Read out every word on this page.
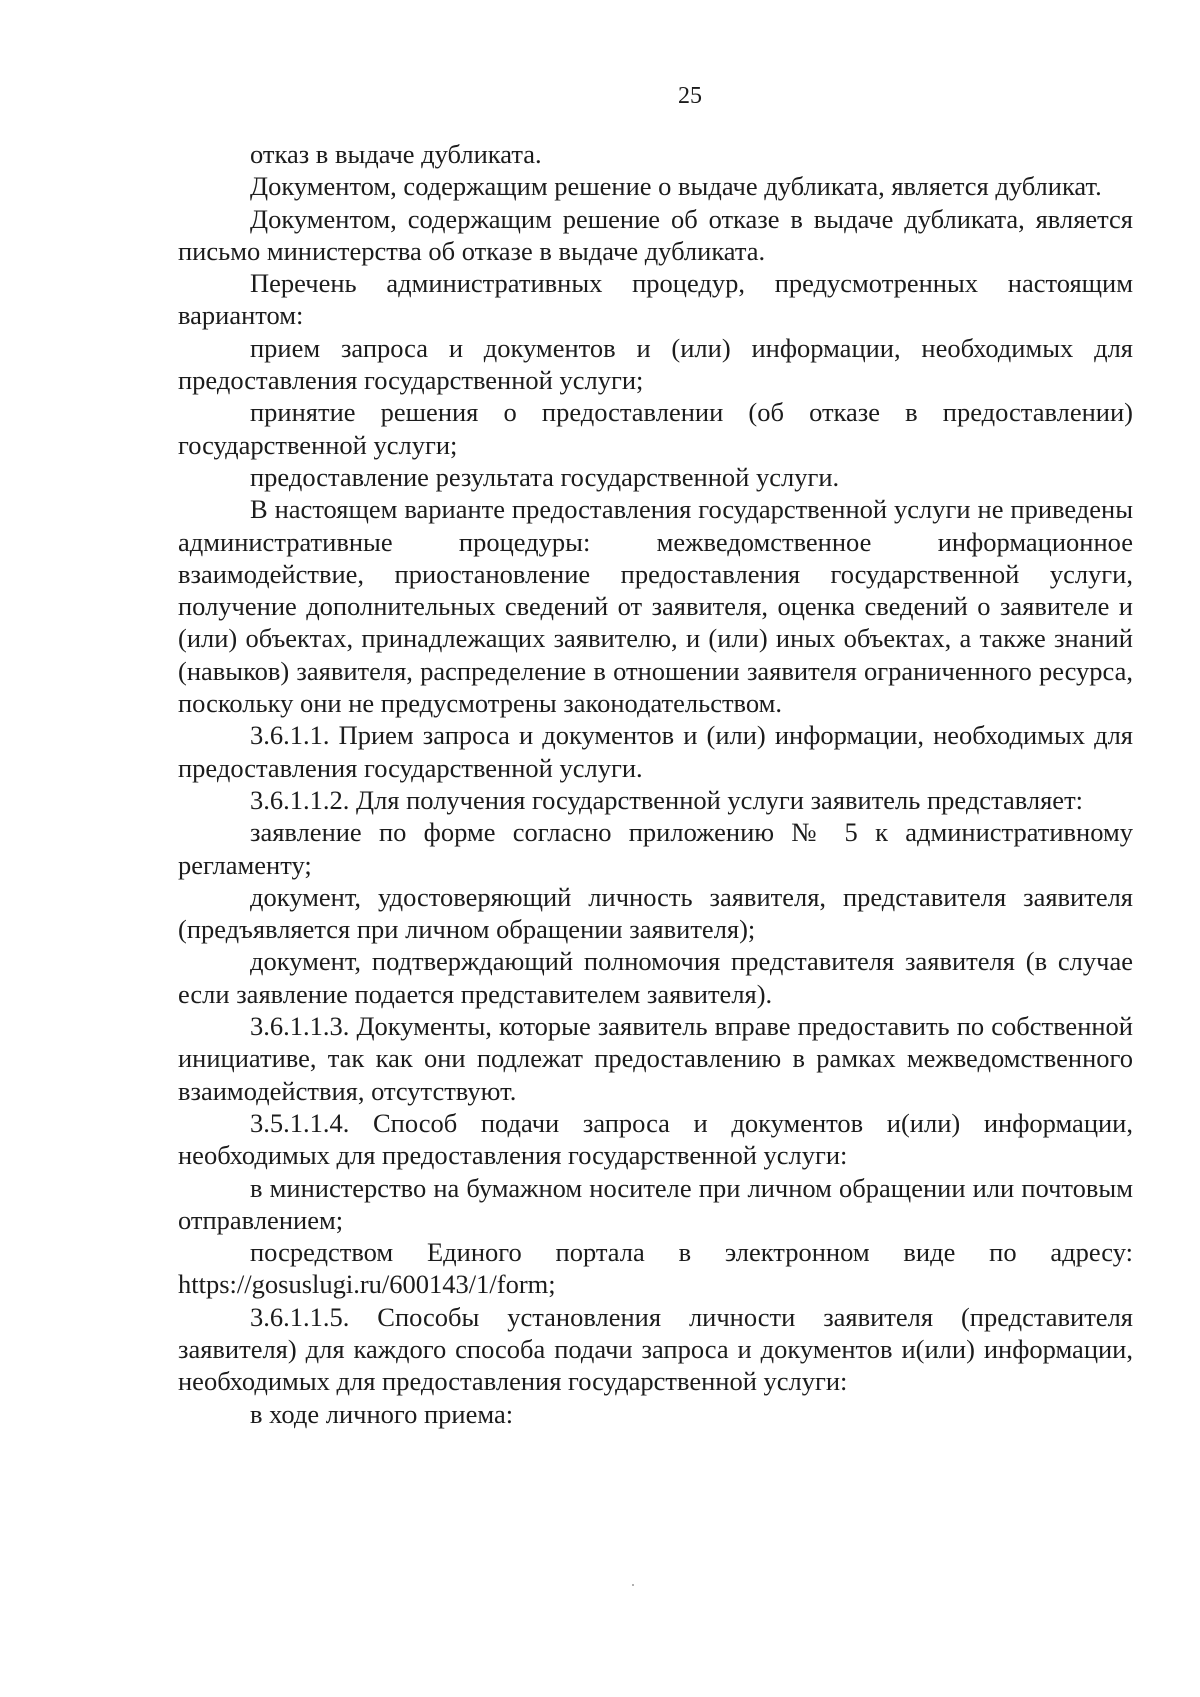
25

отказ в выдаче дубликата.

Документом, содержащим решение о выдаче дубликата, является дубликат.

Документом, содержащим решение об отказе в выдаче дубликата, является письмо министерства об отказе в выдаче дубликата.

Перечень административных процедур, предусмотренных настоящим вариантом:

прием запроса и документов и (или) информации, необходимых для предоставления государственной услуги;

принятие решения о предоставлении (об отказе в предоставлении) государственной услуги;

предоставление результата государственной услуги.

В настоящем варианте предоставления государственной услуги не приведены административные процедуры: межведомственное информационное взаимодействие, приостановление предоставления государственной услуги, получение дополнительных сведений от заявителя, оценка сведений о заявителе и (или) объектах, принадлежащих заявителю, и (или) иных объектах, а также знаний (навыков) заявителя, распределение в отношении заявителя ограниченного ресурса, поскольку они не предусмотрены законодательством.

3.6.1.1. Прием запроса и документов и (или) информации, необходимых для предоставления государственной услуги.

3.6.1.1.2. Для получения государственной услуги заявитель представляет:

заявление по форме согласно приложению № 5 к административному регламенту;

документ, удостоверяющий личность заявителя, представителя заявителя (предъявляется при личном обращении заявителя);

документ, подтверждающий полномочия представителя заявителя (в случае если заявление подается представителем заявителя).

3.6.1.1.3. Документы, которые заявитель вправе предоставить по собственной инициативе, так как они подлежат предоставлению в рамках межведомственного взаимодействия, отсутствуют.

3.5.1.1.4. Способ подачи запроса и документов и(или) информации, необходимых для предоставления государственной услуги:

в министерство на бумажном носителе при личном обращении или почтовым отправлением;

посредством Единого портала в электронном виде по адресу: https://gosuslugi.ru/600143/1/form;

3.6.1.1.5. Способы установления личности заявителя (представителя заявителя) для каждого способа подачи запроса и документов и(или) информации, необходимых для предоставления государственной услуги:

в ходе личного приема:
